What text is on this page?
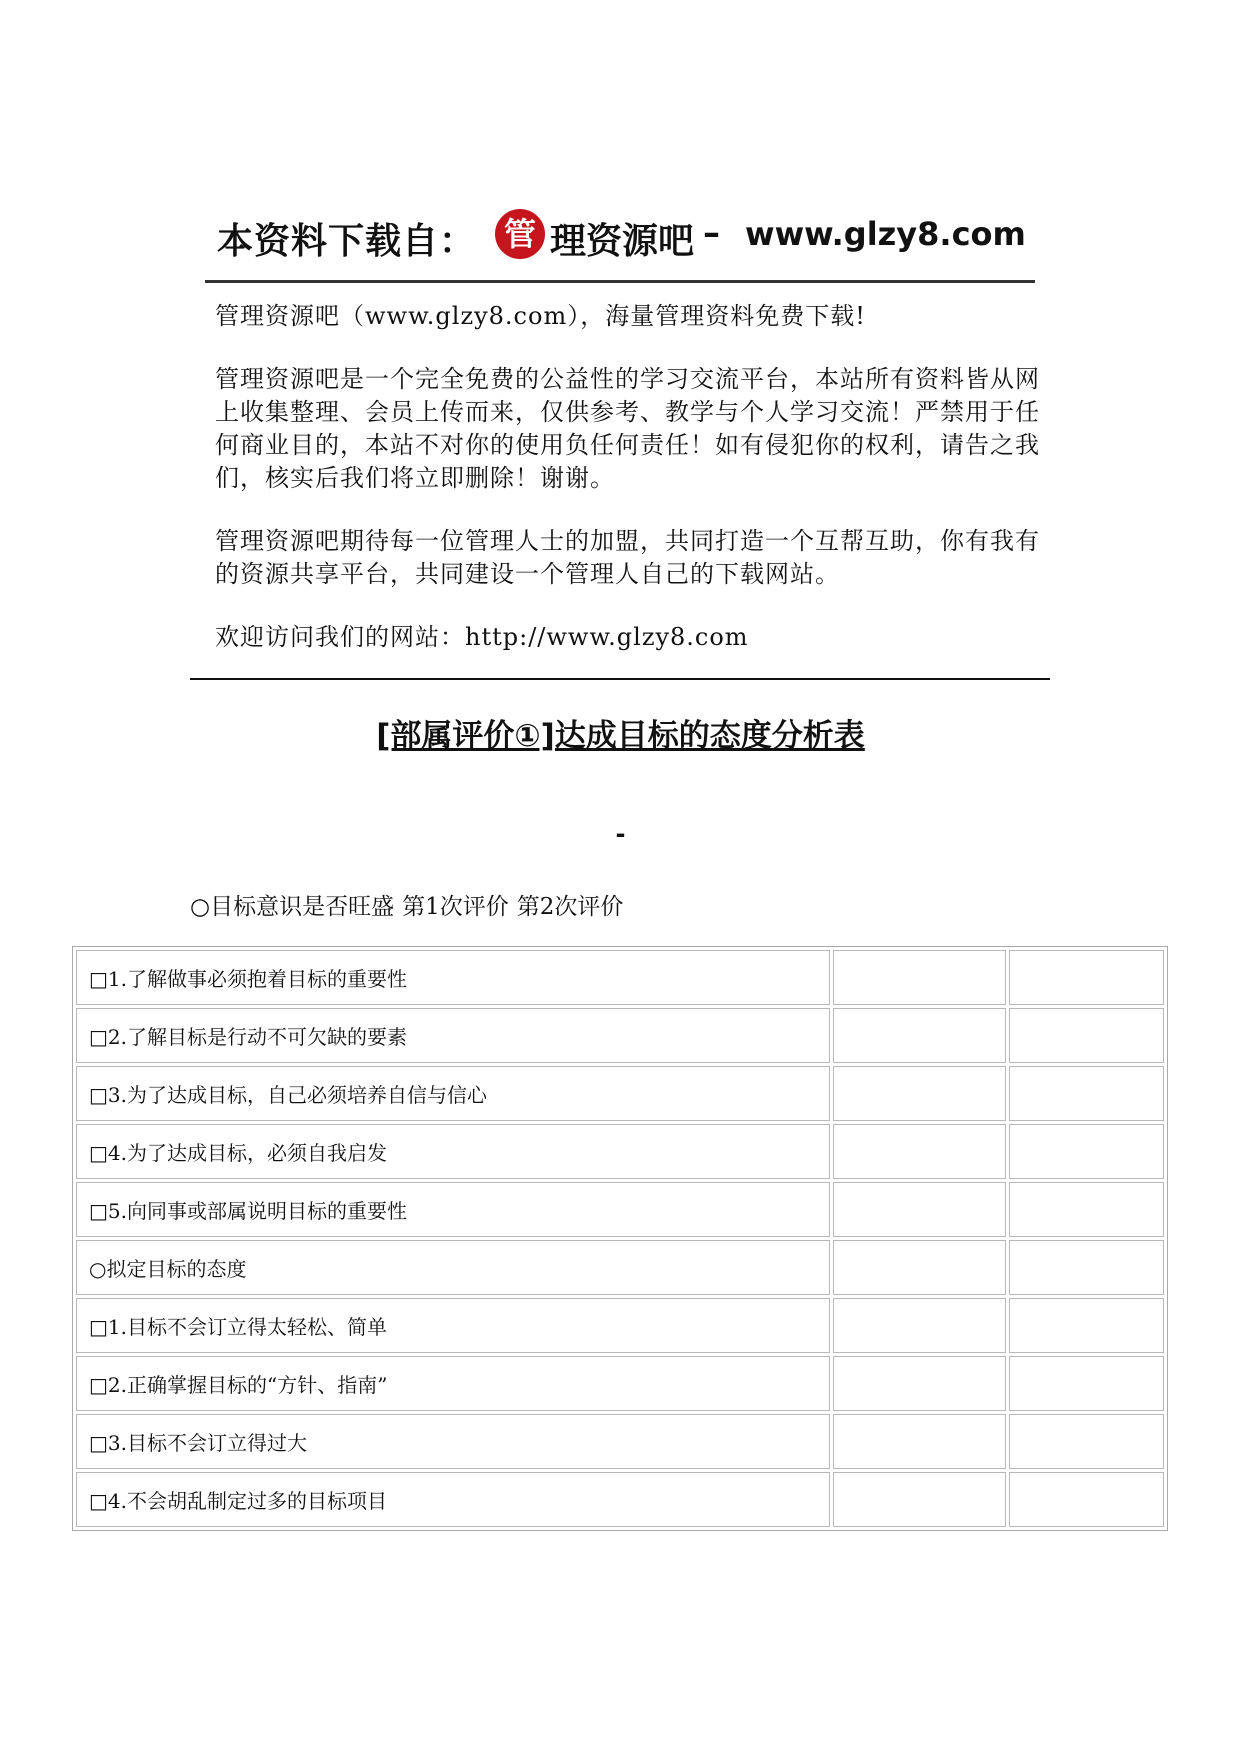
本资料下载自： 管 理资源吧 – www.glzy8.com

管理资源吧（www.glzy8.com），海量管理资料免费下载!

管理资源吧是一个完全免费的公益性的学习交流平台，本站所有资料皆从网上收集整理、会员上传而来，仅供参考、教学与个人学习交流！严禁用于任何商业目的，本站不对你的使用负任何责任！如有侵犯你的权利，请告之我们，核实后我们将立即删除！谢谢。

管理资源吧期待每一位管理人士的加盟，共同打造一个互帮互助，你有我有的资源共享平台，共同建设一个管理人自己的下载网站。

欢迎访问我们的网站：http://www.glzy8.com

[部属评价①]达成目标的态度分析表
-
○目标意识是否旺盛 第1次评价 第2次评价
□1.了解做事必须抱着目标的重要性		
□2.了解目标是行动不可欠缺的要素		
□3.为了达成目标，自己必须培养自信与信心		
□4.为了达成目标，必须自我启发		
□5.向同事或部属说明目标的重要性		
○拟定目标的态度		
□1.目标不会订立得太轻松、简单		
□2.正确掌握目标的“方针、指南”		
□3.目标不会订立得过大		
□4.不会胡乱制定过多的目标项目		
